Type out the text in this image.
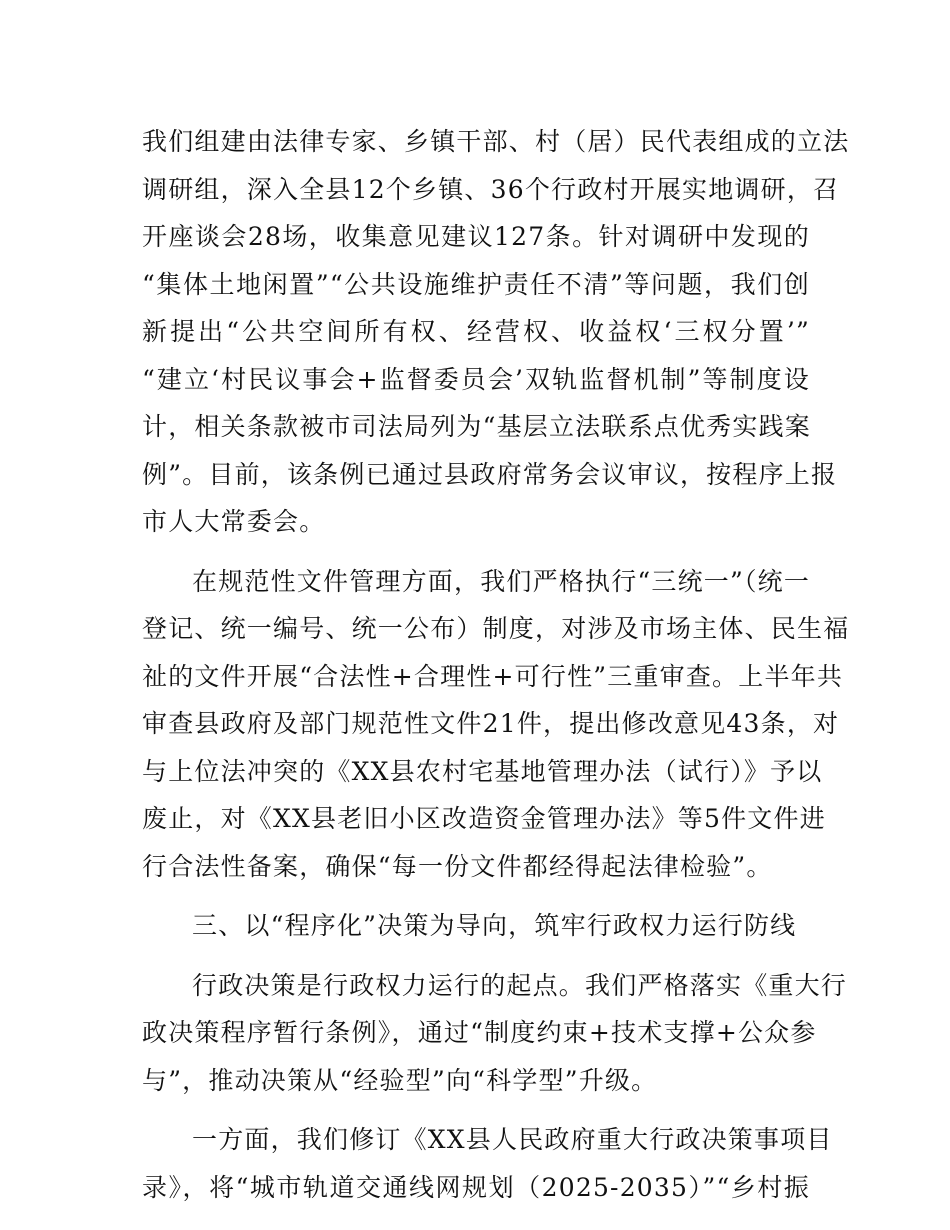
我们组建由法律专家、乡镇干部、村（居）民代表组成的立法
调研组，深入全县12个乡镇、36个行政村开展实地调研，召
开座谈会28场，收集意见建议127条。针对调研中发现的
“集体土地闲置”“公共设施维护责任不清”等问题，我们创
新提出“公共空间所有权、经营权、收益权‘三权分置’”
“建立‘村民议事会+监督委员会’双轨监督机制”等制度设
计，相关条款被市司法局列为“基层立法联系点优秀实践案
例”。目前，该条例已通过县政府常务会议审议，按程序上报
市人大常委会。
在规范性文件管理方面，我们严格执行“三统一”（统一
登记、统一编号、统一公布）制度，对涉及市场主体、民生福
祉的文件开展“合法性+合理性+可行性”三重审查。上半年共
审查县政府及部门规范性文件21件，提出修改意见43条，对
与上位法冲突的《XX县农村宅基地管理办法（试行）》予以
废止，对《XX县老旧小区改造资金管理办法》等5件文件进
行合法性备案，确保“每一份文件都经得起法律检验”。
三、以“程序化”决策为导向，筑牢行政权力运行防线
行政决策是行政权力运行的起点。我们严格落实《重大行
政决策程序暂行条例》，通过“制度约束+技术支撑+公众参
与”，推动决策从“经验型”向“科学型”升级。
一方面，我们修订《XX县人民政府重大行政决策事项目
录》，将“城市轨道交通线网规划（2025-2035）”“乡村振
